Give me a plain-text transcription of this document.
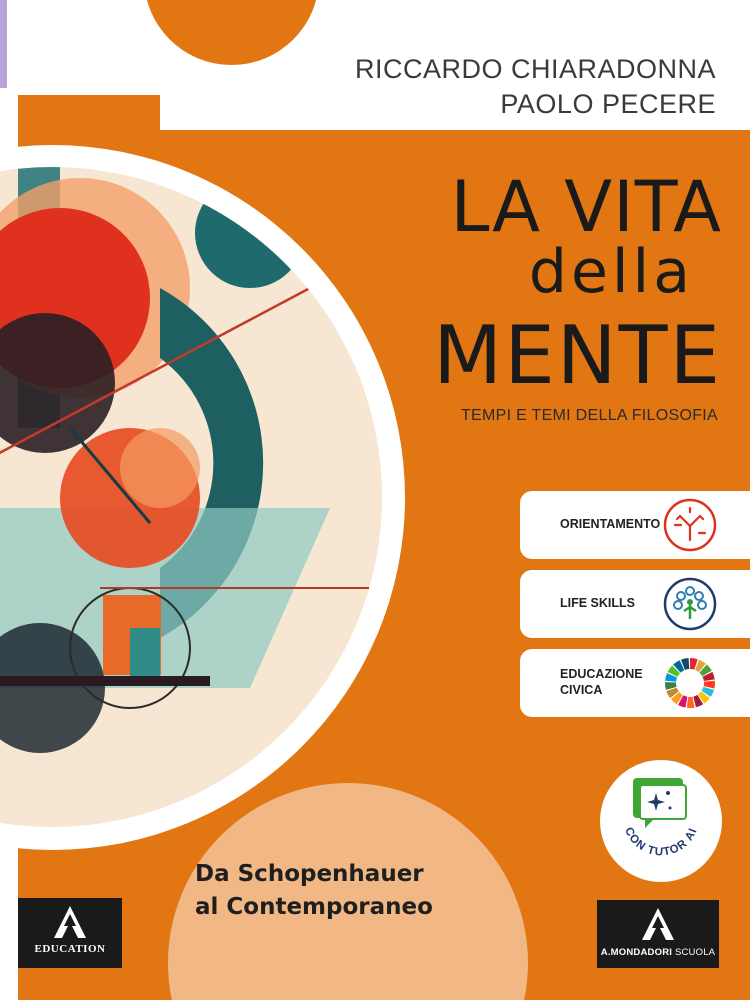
RICCARDO CHIARADONNA
PAOLO PECERE
LA VITA
della
MENTE
TEMPI E TEMI DELLA FILOSOFIA
ORIENTAMENTO
LIFE SKILLS
EDUCAZIONE CIVICA
CON TUTOR AI
Da Schopenhauer
al Contemporaneo
EDUCATION	A.MONDADORI SCUOLA
